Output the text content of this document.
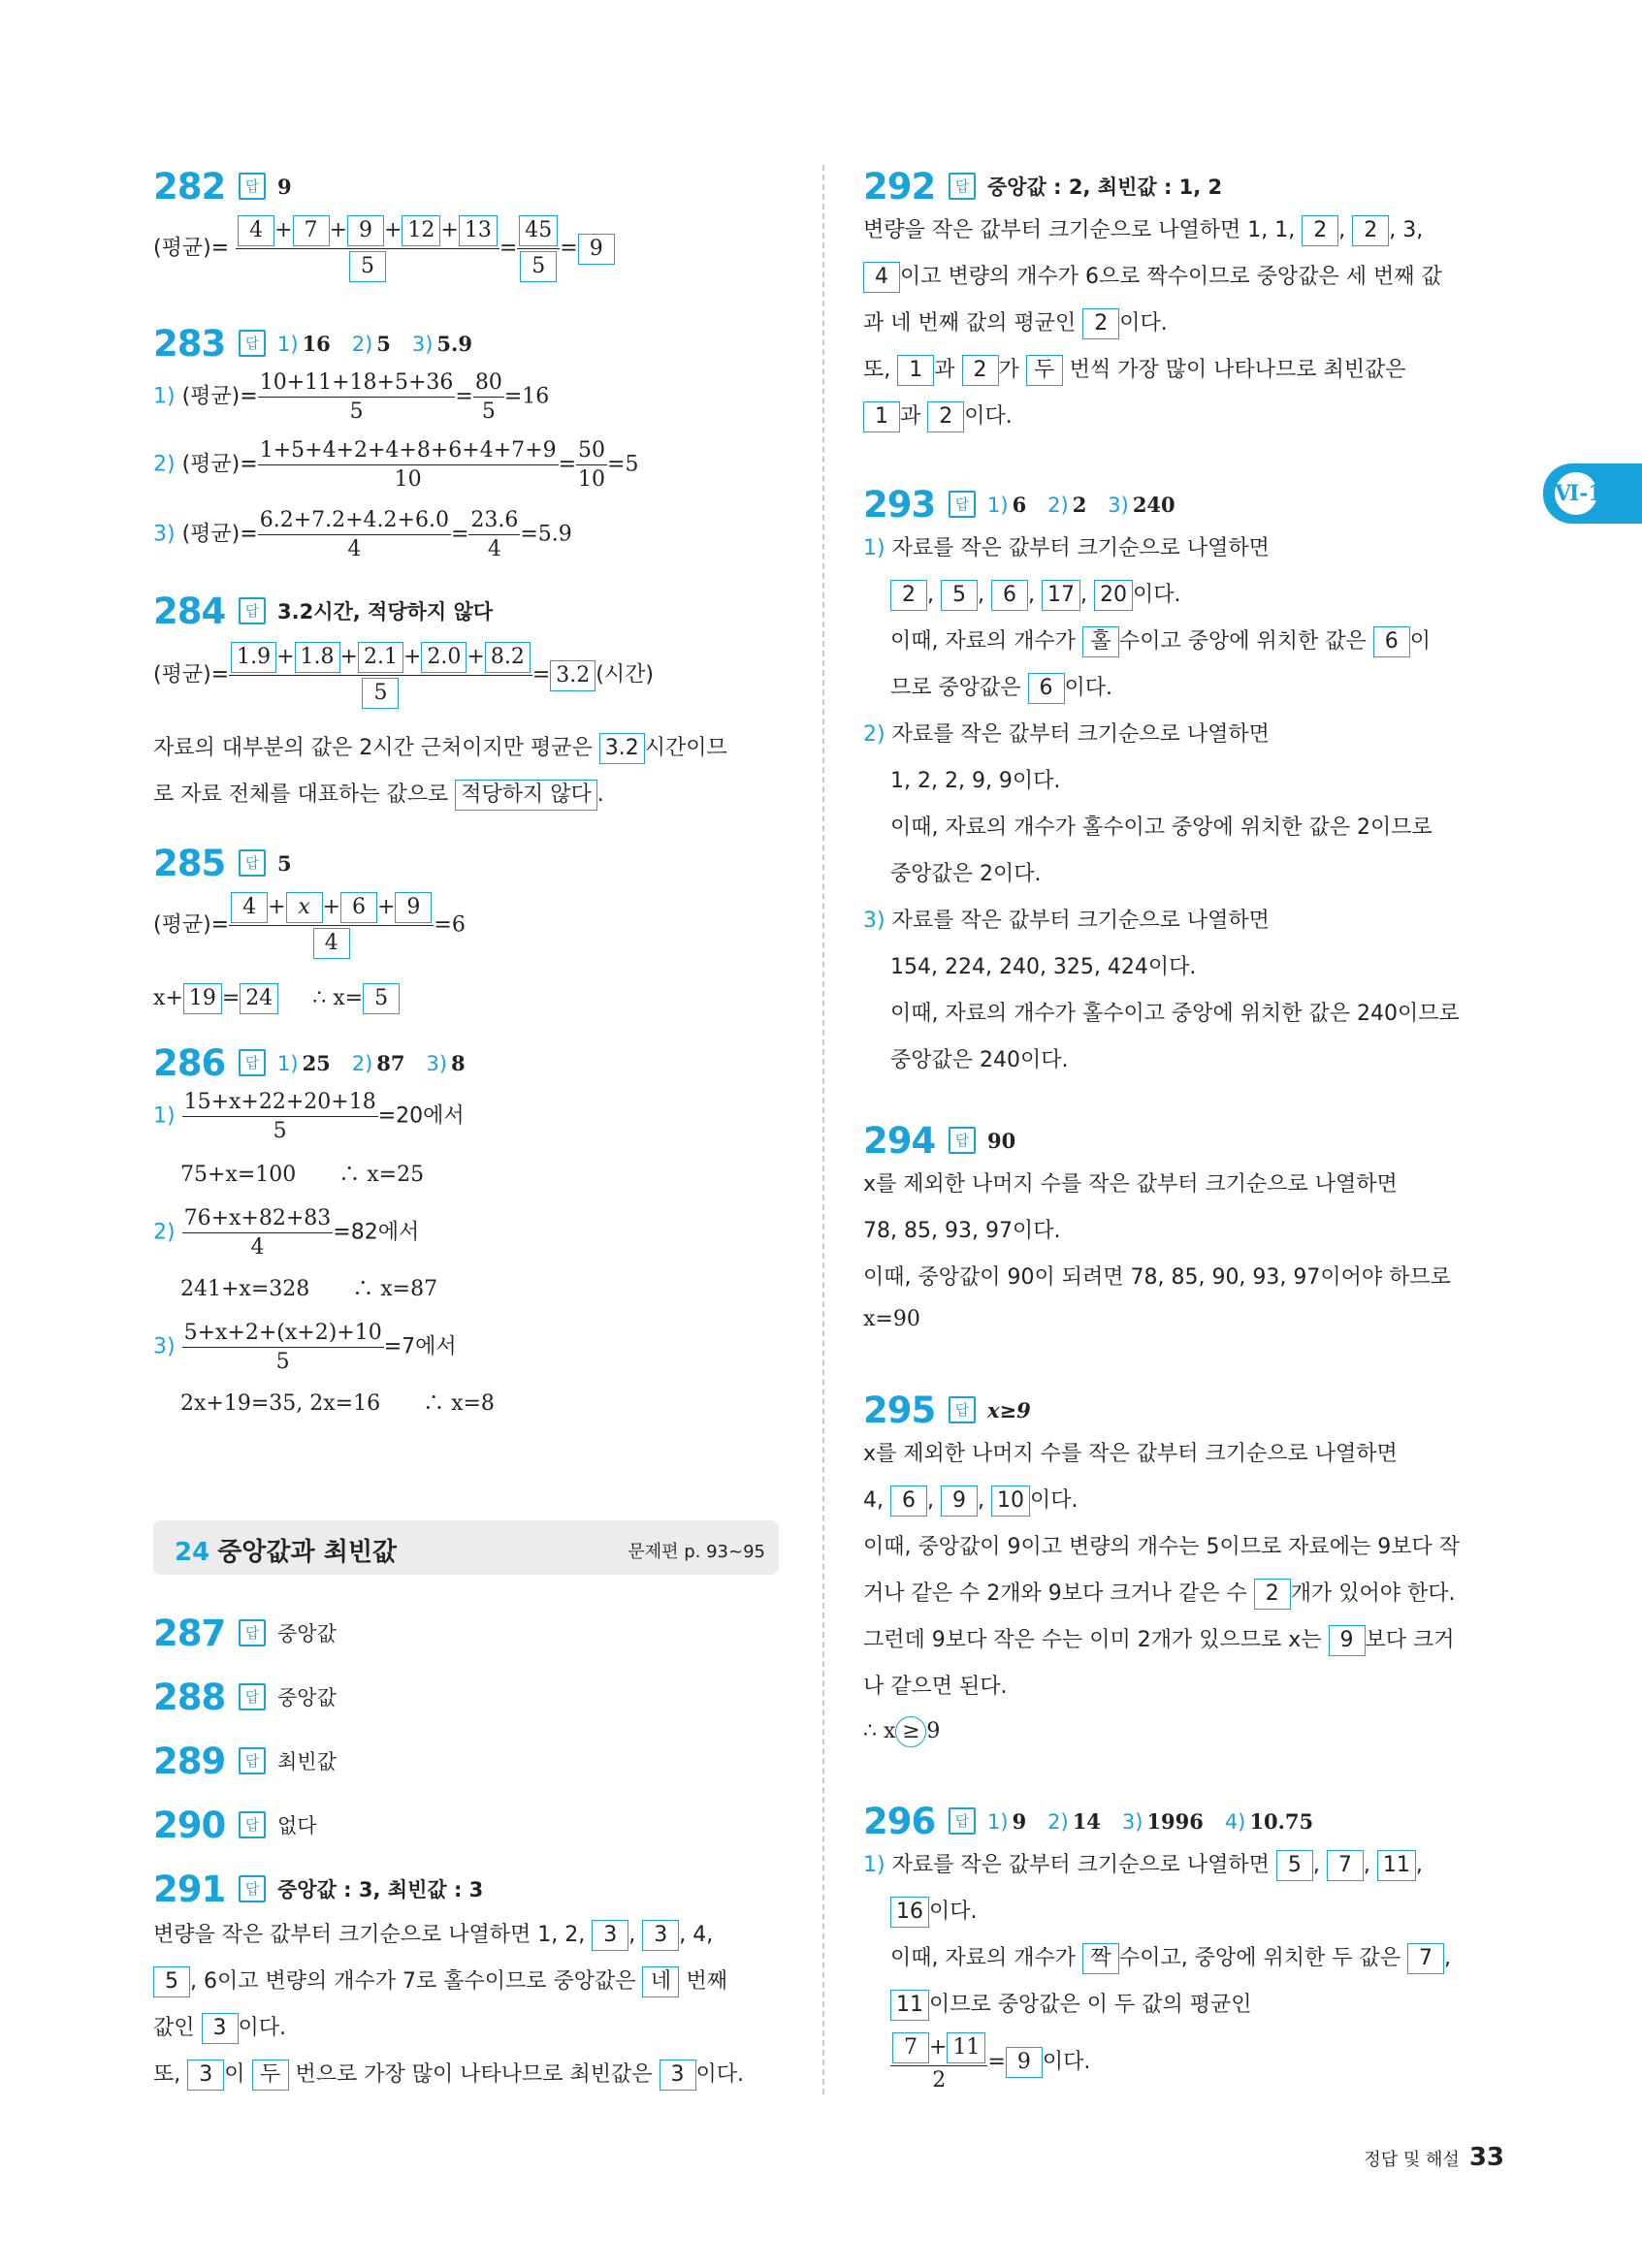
Ⅵ-1
282	답 9
(평균)= $\frac{4 + 7 + 9 + 12 + 13}{5} = \frac{45}{5} = 9$
283	답 1) 16 2) 5 3) 5.9
1) (평균)= $\frac{10+11+18+5+36}{5} = \frac{80}{5} =16$
2) (평균)= $\frac{1+5+4+2+4+8+6+4+7+9}{10} = \frac{50}{10} =5$
3) (평균)= $\frac{6.2+7.2+4.2+6.0}{4} = \frac{23.6}{4} =5.9$
284	답 3.2시간, 적당하지 않다
(평균)= $\frac{1.9 + 1.8 + 2.1 + 2.0 + 8.2}{5} = 3.2$ (시간)
자료의 대부분의 값은 2시간 근처이지만 평균은 3.2 시간이므
로 자료 전체를 대표하는 값으로 적당하지 않다 .
285	답 5
(평균)= $\frac{4 + x + 6 + 9}{4} =6$
x+ 19 = 24 ∴ x= 5
286	답 1) 25 2) 87 3) 8
$1) \frac{15+x+22+20+18}{5} =20$에서
75+x=100　　∴ x=25
$2) \frac{76+x+82+83}{4} =82$에서
241+x=328　　∴ x=87
$3) \frac{5+x+2+(x+2)+10}{5} =7$에서
2x+19=35, 2x=16　　∴ x=8
287	답 중앙값
288	답 중앙값
289	답 최빈값
290	답 없다
291	답 중앙값 : 3, 최빈값 : 3
변량을 작은 값부터 크기순으로 나열하면 1, 2, 3 , 3 , 4,
5 , 6이고 변량의 개수가 7로 홀수이므로 중앙값은 네 번째
값인 3 이다.
또, 3 이 두 번으로 가장 많이 나타나므로 최빈값은 3 이다.
24 중앙값과 최빈값	문제편 p. 93~95
292	답 중앙값 : 2, 최빈값 : 1, 2
변량을 작은 값부터 크기순으로 나열하면 1, 1, 2 , 2 , 3,
4 이고 변량의 개수가 6으로 짝수이므로 중앙값은 세 번째 값
과 네 번째 값의 평균인 2 이다.
또, 1 과 2 가 두 번씩 가장 많이 나타나므로 최빈값은
1 과 2 이다.
293	답 1) 6 2) 2 3) 240
1) 자료를 작은 값부터 크기순으로 나열하면
2 , 5 , 6 , 17 , 20 이다.
이때, 자료의 개수가 홀 수이고 중앙에 위치한 값은 6 이
므로 중앙값은 6 이다.
2) 자료를 작은 값부터 크기순으로 나열하면
1, 2, 2, 9, 9이다.
이때, 자료의 개수가 홀수이고 중앙에 위치한 값은 2이므로
중앙값은 2이다.
3) 자료를 작은 값부터 크기순으로 나열하면
154, 224, 240, 325, 424이다.
이때, 자료의 개수가 홀수이고 중앙에 위치한 값은 240이므로
중앙값은 240이다.
294	답 90
x를 제외한 나머지 수를 작은 값부터 크기순으로 나열하면
78, 85, 93, 97이다.
이때, 중앙값이 90이 되려면 78, 85, 90, 93, 97이어야 하므로
x=90
295	답 x≥9
x를 제외한 나머지 수를 작은 값부터 크기순으로 나열하면
4, 6 , 9 , 10 이다.
이때, 중앙값이 9이고 변량의 개수는 5이므로 자료에는 9보다 작
거나 같은 수 2개와 9보다 크거나 같은 수 2 개가 있어야 한다.
그런데 9보다 작은 수는 이미 2개가 있으므로 x는 9 보다 크거
나 같으면 된다.
∴ x ≥ 9
296	답 1) 9 2) 14 3) 1996 4) 10.75
1) 자료를 작은 값부터 크기순으로 나열하면 5 , 7 , 11 ,
16 이다.
이때, 자료의 개수가 짝 수이고, 중앙에 위치한 두 값은 7 ,
11 이므로 중앙값은 이 두 값의 평균인
$\frac{7 + 11}{2} = 9$ 이다.
정답 및 해설 33
